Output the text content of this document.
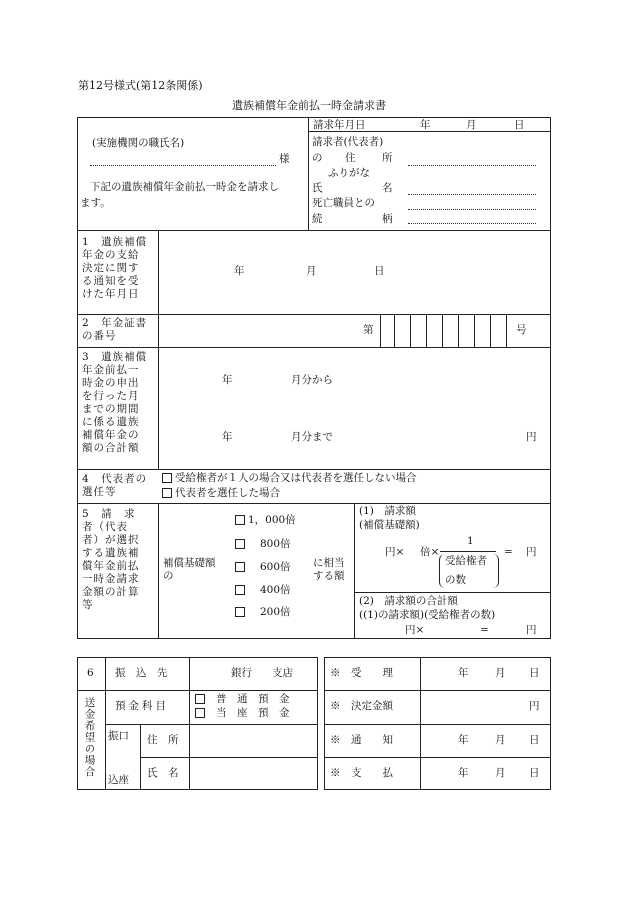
第12号様式(第12条関係)
遺族補償年金前払一時金請求書
(実施機関の職氏名)
様
下記の遺族補償年金前払一時金を請求し
ます。
請求年月日	年	月	日
請求者(代表者)
の 住	所
ふりがな
氏	名
死亡職員との
続	柄
1　遺族補償
年金の支給
決定に関す
る通知を受
けた年月日
年	月	日
2　年金証書
の番号	第	号
3　遺族補償
年金前払一
時金の申出
を行った月
までの期間
に係る遺族
補償年金の
額の合計額
年	月分から
年	月分まで	円
4　代表者の
選任等
受給権者が１人の場合又は代表者を選任しない場合
代表者を選任した場合
5　請　求
者（代表
者）が選択
する遺族補
償年金前払
一時金請求
金額の計算
等
補償基礎額
の
に相当
する額
1，000倍
800倍
600倍
400倍
200倍
(1)　請求額
(補償基礎額)
円× 倍×
1
受給権者
の数
= 円
(2)　請求額の合計額
((1)の請求額)(受給権者の数)
円×	=	円
6
送金希望の場合
振　込　先	銀行 支店
預金科目
普　通　預　金
当　座　預　金
振口
込座
住　所
氏　名
※　受　　理	年	月 日
※　決定金額	円
※　通　　知	年	月 日
※　支　　払	年	月 日
